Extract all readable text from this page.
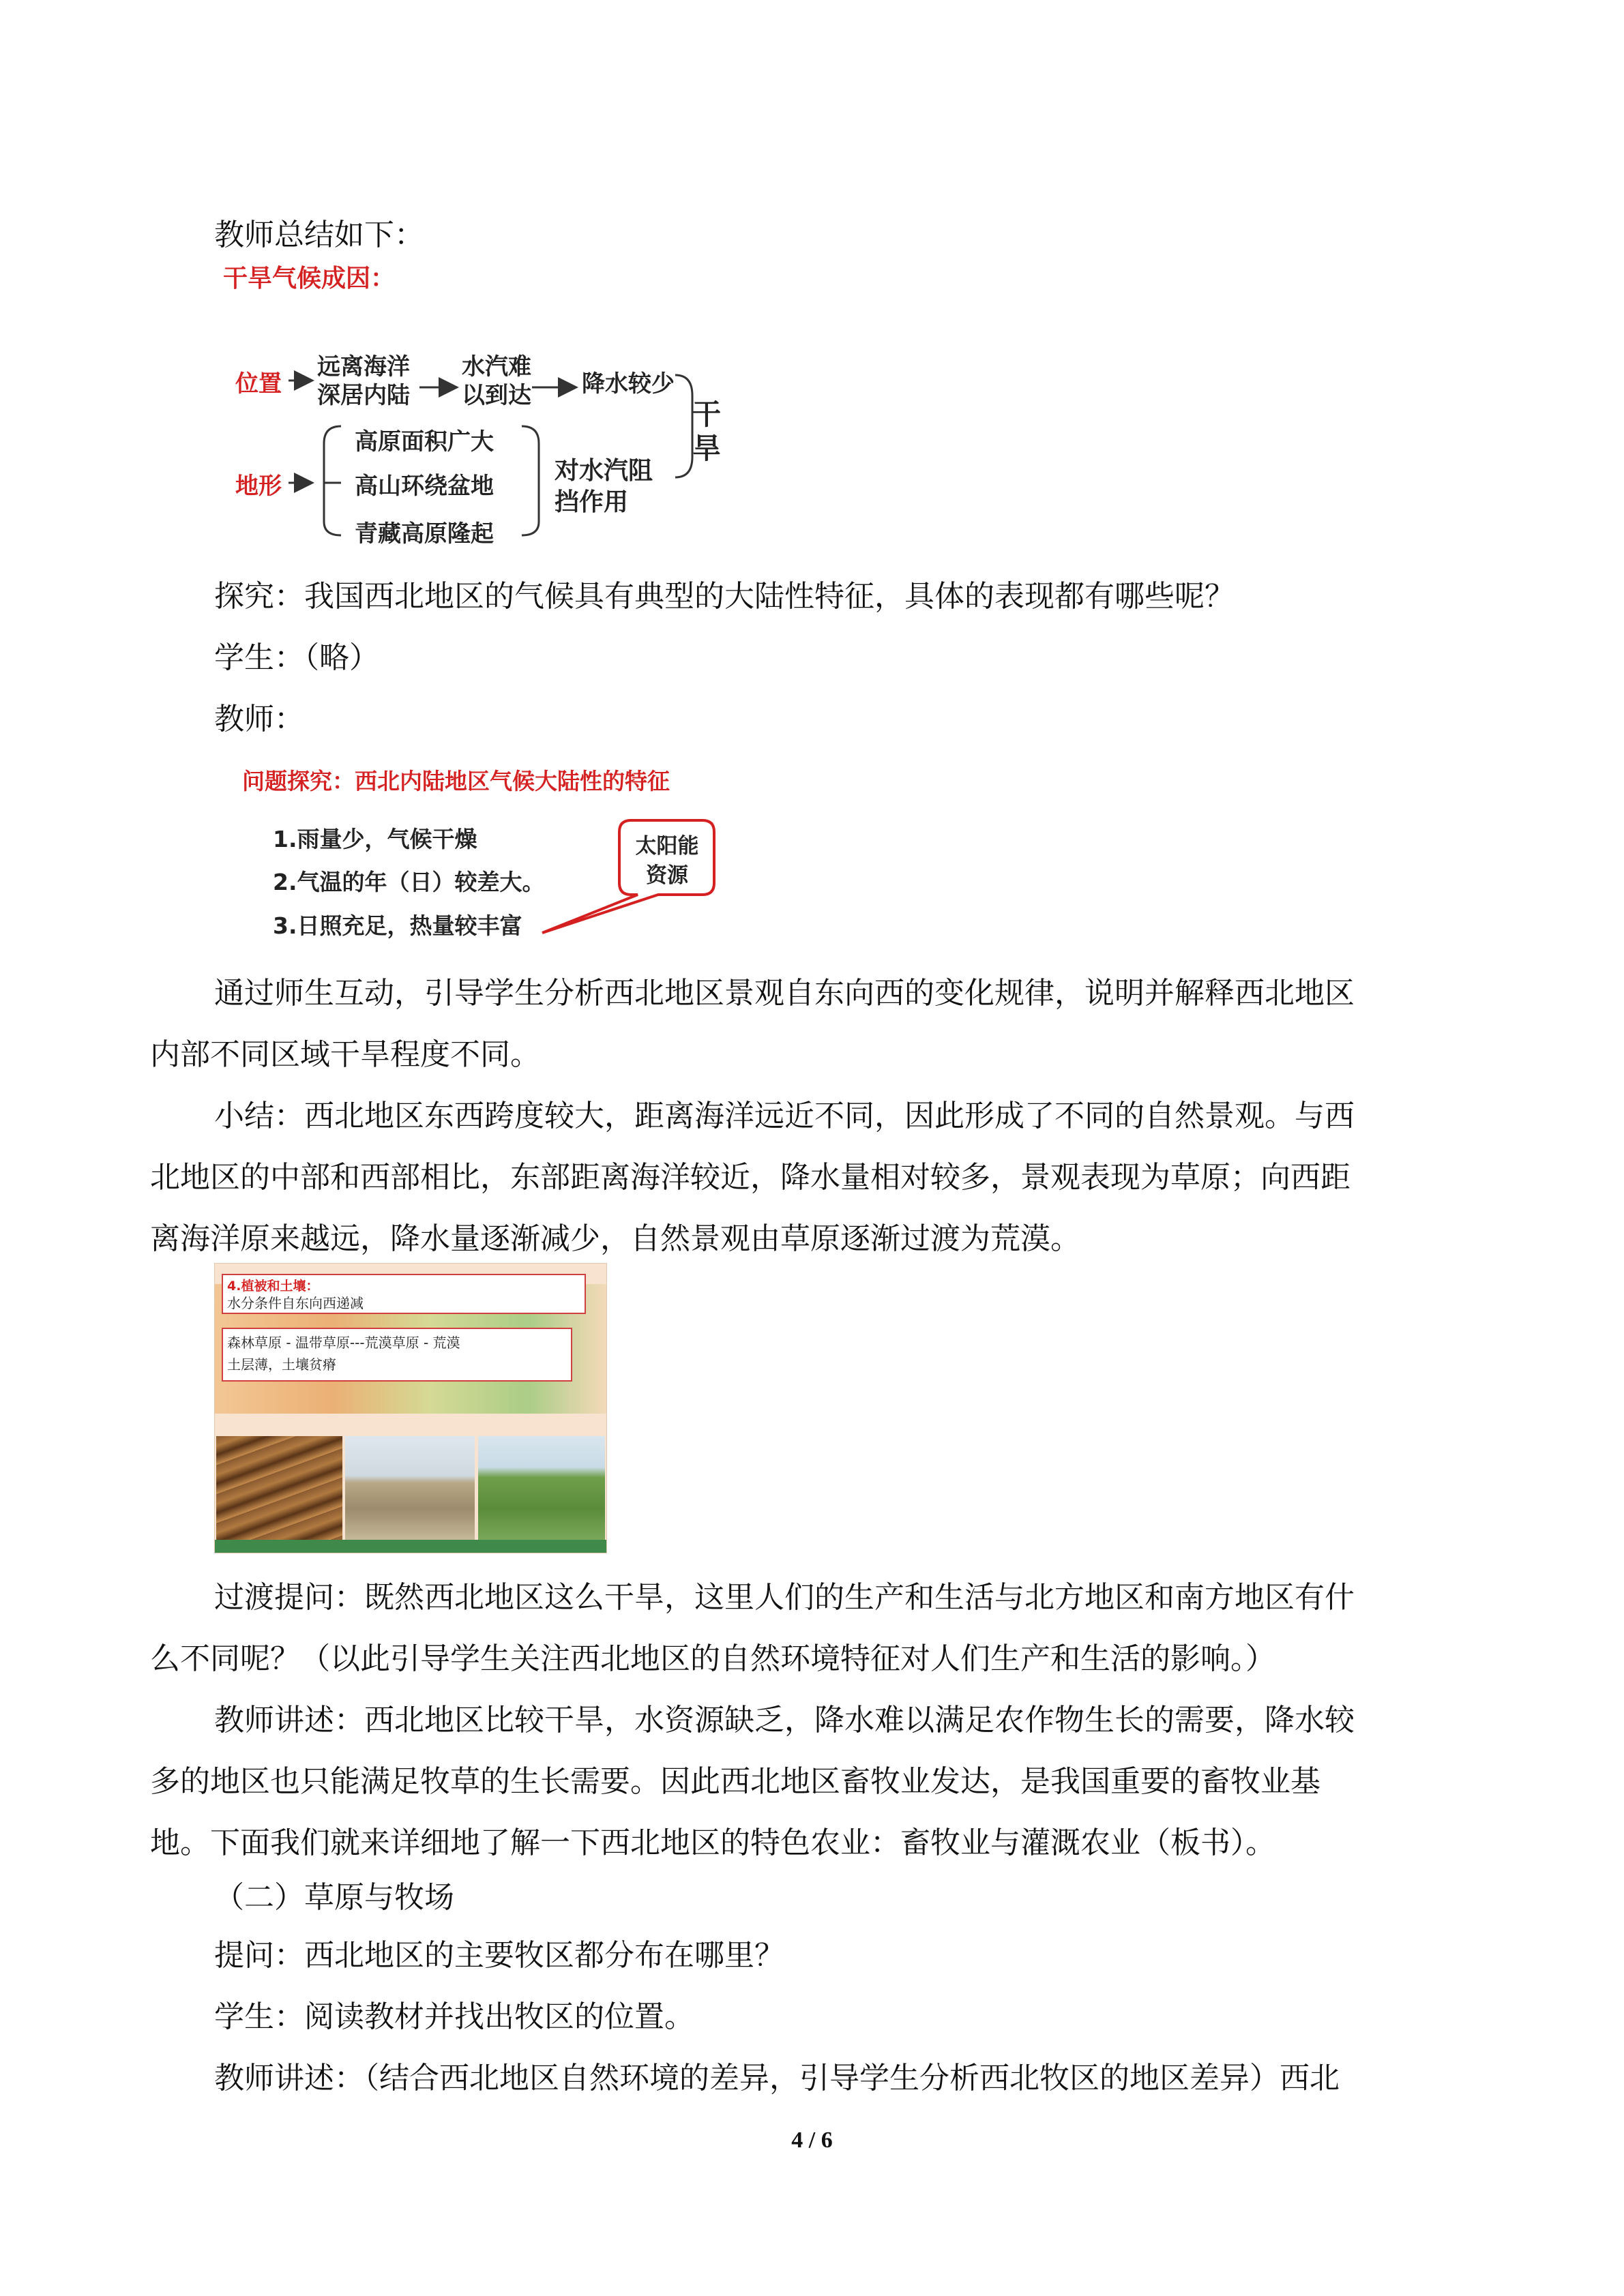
教师总结如下：
干旱气候成因：
位置
地形
远离海洋
深居内陆
水汽难
以到达 降水较少
高原面积广大
高山环绕盆地
青藏高原隆起
对水汽阻
挡作用
干
旱
探究：我国西北地区的气候具有典型的大陆性特征，具体的表现都有哪些呢？
学生：（略）
教师：
问题探究：西北内陆地区气候大陆性的特征
1.雨量少，气候干燥
2.气温的年（日）较差大。
3.日照充足，热量较丰富
太阳能
资源
通过师生互动，引导学生分析西北地区景观自东向西的变化规律，说明并解释西北地区
内部不同区域干旱程度不同。
小结：西北地区东西跨度较大，距离海洋远近不同，因此形成了不同的自然景观。与西
北地区的中部和西部相比，东部距离海洋较近，降水量相对较多，景观表现为草原；向西距
离海洋原来越远，降水量逐渐减少，自然景观由草原逐渐过渡为荒漠。
4.植被和土壤：
水分条件自东向西递减
森林草原 - 温带草原---荒漠草原 - 荒漠
土层薄，土壤贫瘠
过渡提问：既然西北地区这么干旱，这里人们的生产和生活与北方地区和南方地区有什
么不同呢？（以此引导学生关注西北地区的自然环境特征对人们生产和生活的影响。）
教师讲述：西北地区比较干旱，水资源缺乏，降水难以满足农作物生长的需要，降水较
多的地区也只能满足牧草的生长需要。因此西北地区畜牧业发达，是我国重要的畜牧业基
地。下面我们就来详细地了解一下西北地区的特色农业：畜牧业与灌溉农业（板书）。
（二）草原与牧场
提问：西北地区的主要牧区都分布在哪里？
学生：阅读教材并找出牧区的位置。
教师讲述：（结合西北地区自然环境的差异，引导学生分析西北牧区的地区差异）西北
4 / 6
